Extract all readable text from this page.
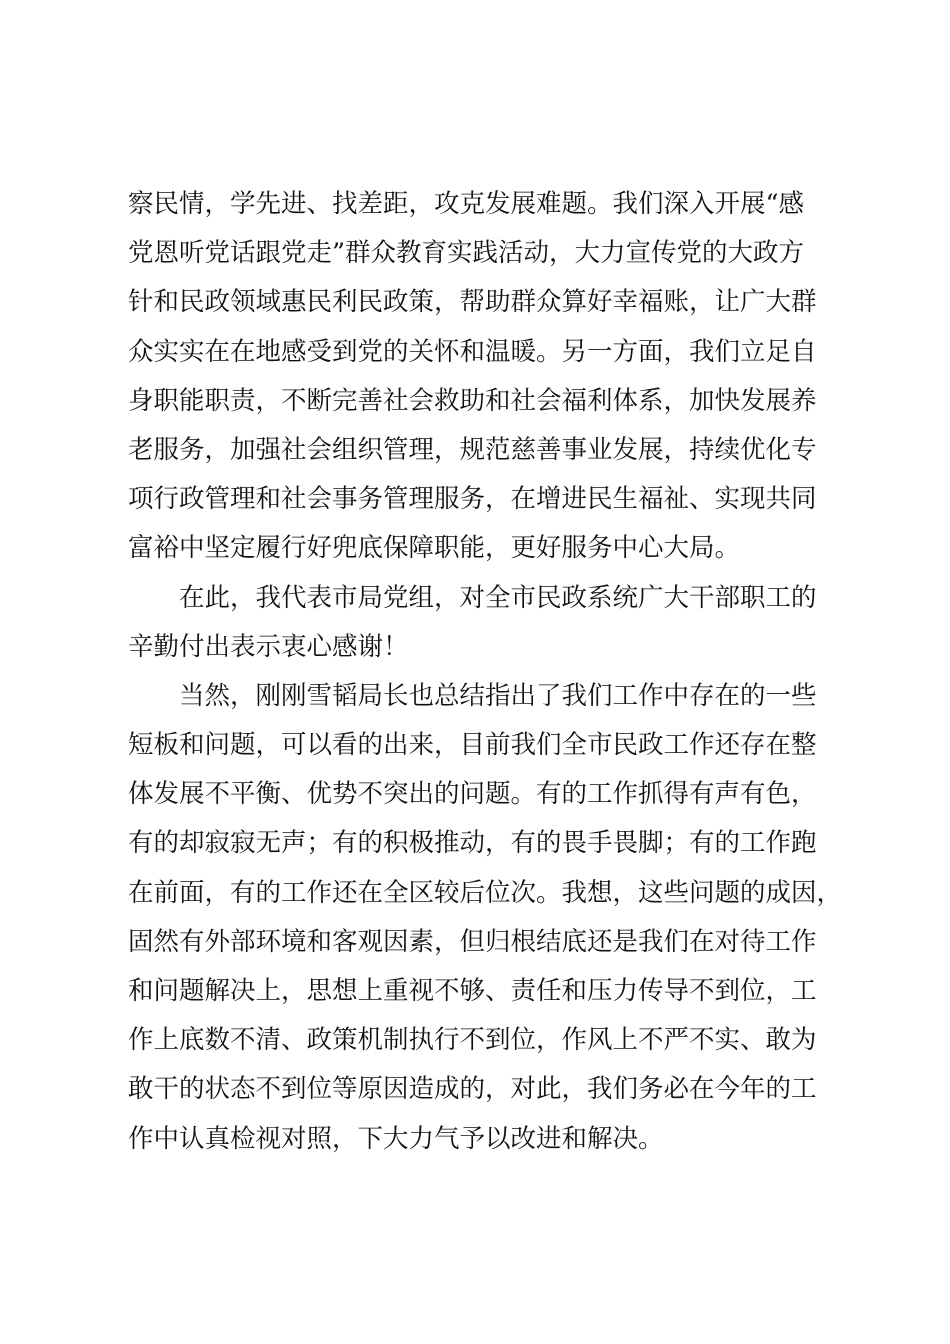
察民情，学先进、找差距，攻克发展难题。我们深入开展“感
党恩听党话跟党走”群众教育实践活动，大力宣传党的大政方
针和民政领域惠民利民政策，帮助群众算好幸福账，让广大群
众实实在在地感受到党的关怀和温暖。另一方面，我们立足自
身职能职责，不断完善社会救助和社会福利体系，加快发展养
老服务，加强社会组织管理，规范慈善事业发展，持续优化专
项行政管理和社会事务管理服务，在增进民生福祉、实现共同
富裕中坚定履行好兜底保障职能，更好服务中心大局。
在此，我代表市局党组，对全市民政系统广大干部职工的
辛勤付出表示衷心感谢！
当然，刚刚雪韬局长也总结指出了我们工作中存在的一些
短板和问题，可以看的出来，目前我们全市民政工作还存在整
体发展不平衡、优势不突出的问题。有的工作抓得有声有色，
有的却寂寂无声；有的积极推动，有的畏手畏脚；有的工作跑
在前面，有的工作还在全区较后位次。我想，这些问题的成因，
固然有外部环境和客观因素，但归根结底还是我们在对待工作
和问题解决上，思想上重视不够、责任和压力传导不到位，工
作上底数不清、政策机制执行不到位，作风上不严不实、敢为
敢干的状态不到位等原因造成的，对此，我们务必在今年的工
作中认真检视对照，下大力气予以改进和解决。
